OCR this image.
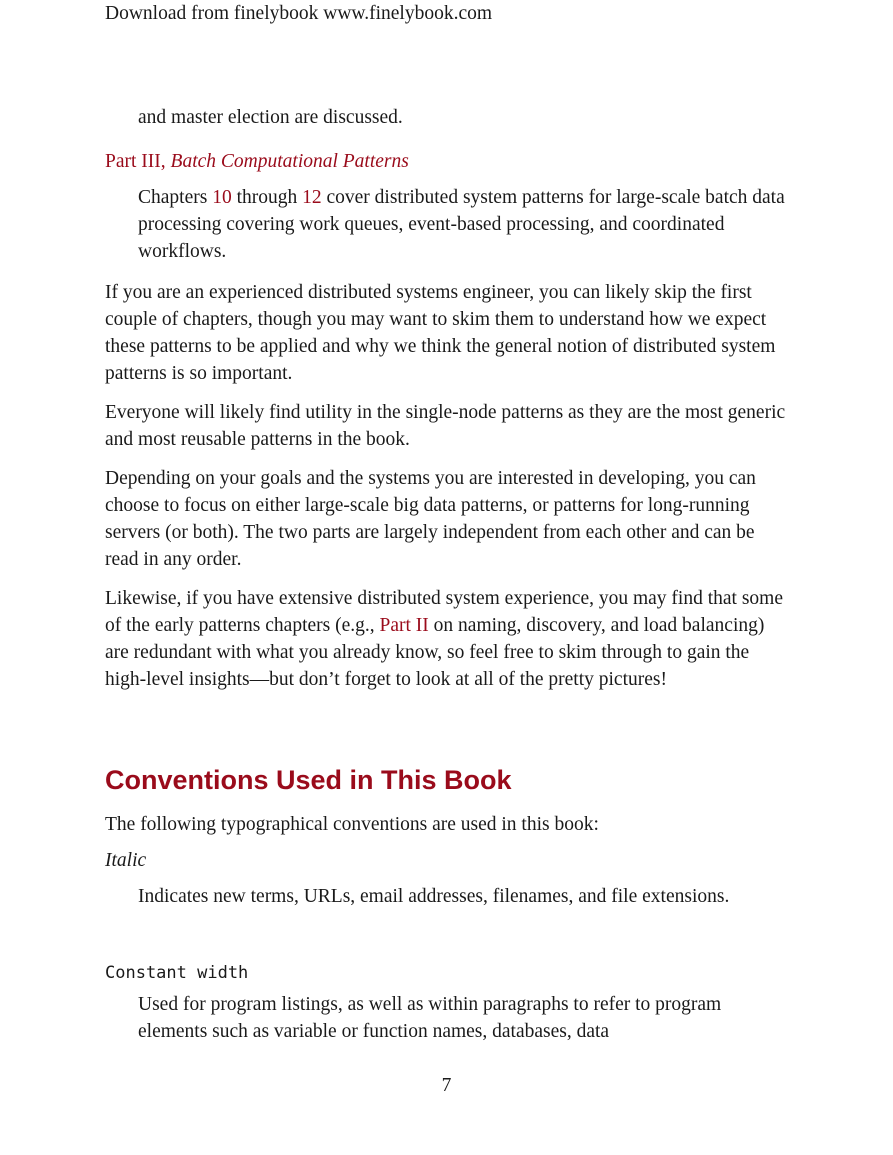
Download from finelybook www.finelybook.com

and master election are discussed.

Part III, Batch Computational Patterns

Chapters 10 through 12 cover distributed system patterns for large-scale batch data processing covering work queues, event-based processing, and coordinated workflows.

If you are an experienced distributed systems engineer, you can likely skip the first couple of chapters, though you may want to skim them to understand how we expect these patterns to be applied and why we think the general notion of distributed system patterns is so important.

Everyone will likely find utility in the single-node patterns as they are the most generic and most reusable patterns in the book.

Depending on your goals and the systems you are interested in developing, you can choose to focus on either large-scale big data patterns, or patterns for long-running servers (or both). The two parts are largely independent from each other and can be read in any order.

Likewise, if you have extensive distributed system experience, you may find that some of the early patterns chapters (e.g., Part II on naming, discovery, and load balancing) are redundant with what you already know, so feel free to skim through to gain the high-level insights—but don’t forget to look at all of the pretty pictures!

Conventions Used in This Book

The following typographical conventions are used in this book:

Italic

Indicates new terms, URLs, email addresses, filenames, and file extensions.

Constant width

Used for program listings, as well as within paragraphs to refer to program elements such as variable or function names, databases, data

7
